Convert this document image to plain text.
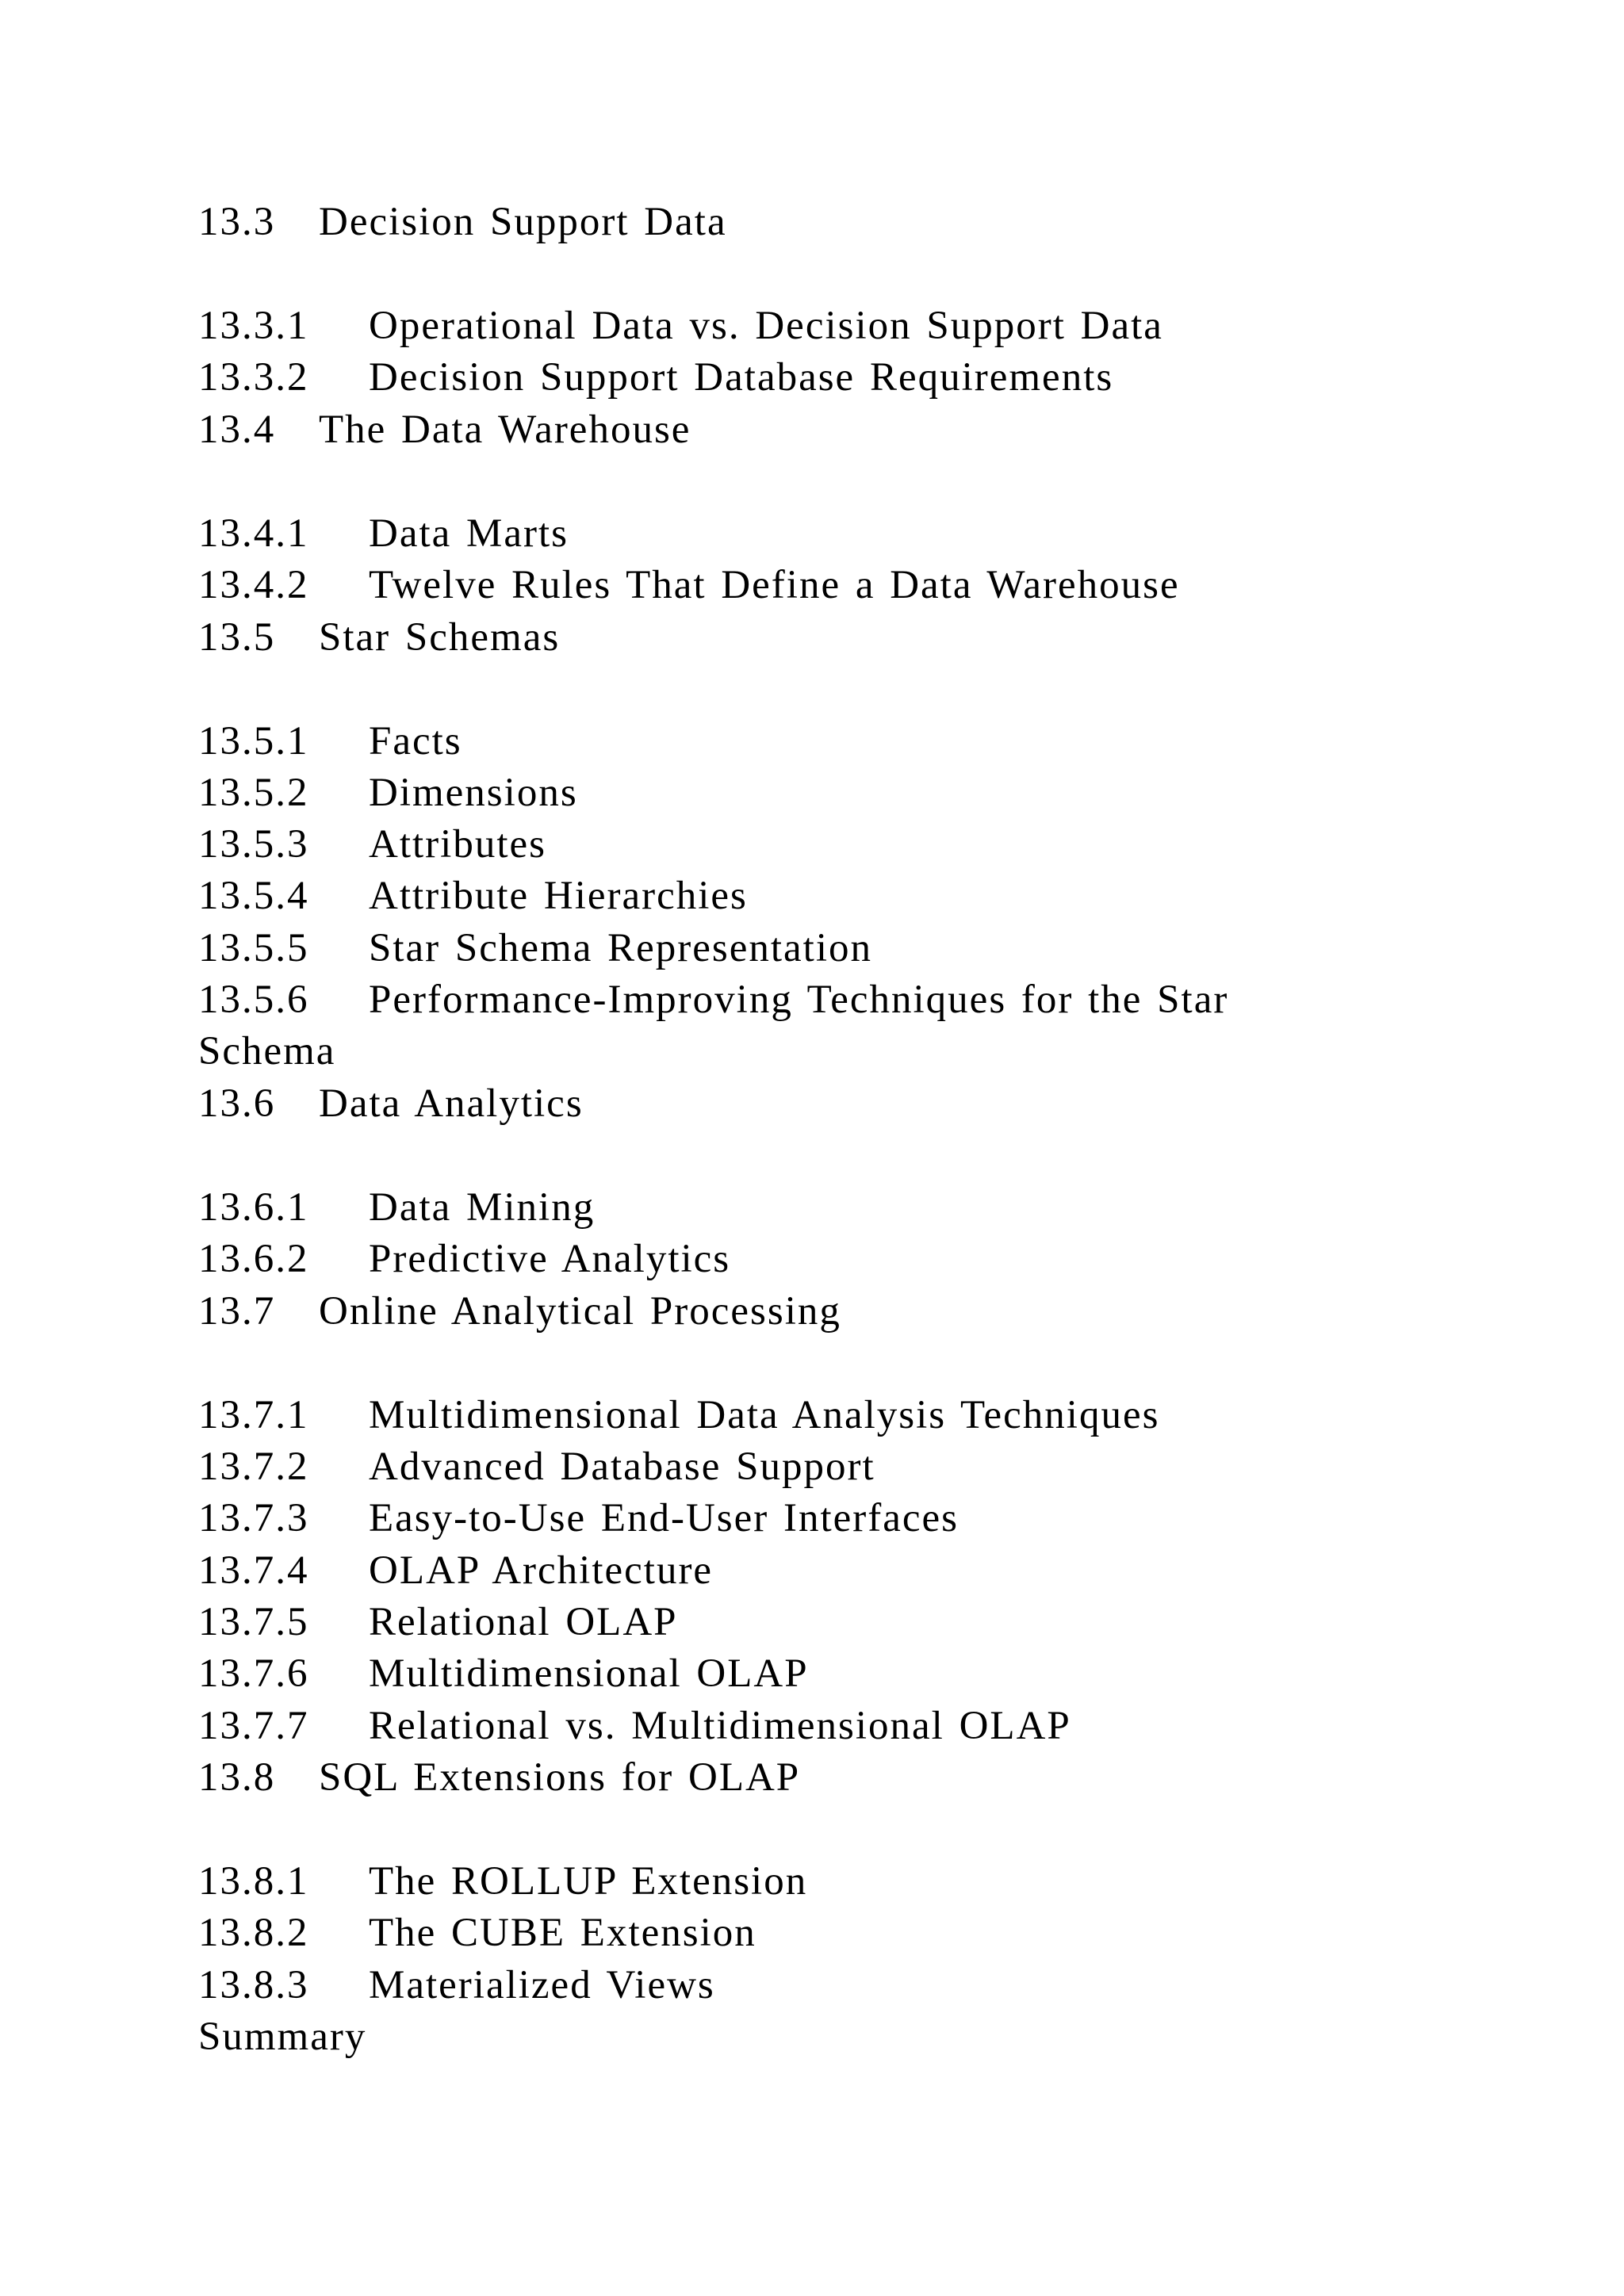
13.3 Decision Support Data
13.3.1 Operational Data vs. Decision Support Data
13.3.2 Decision Support Database Requirements
13.4 The Data Warehouse
13.4.1 Data Marts
13.4.2 Twelve Rules That Define a Data Warehouse
13.5 Star Schemas
13.5.1 Facts
13.5.2 Dimensions
13.5.3 Attributes
13.5.4 Attribute Hierarchies
13.5.5 Star Schema Representation
13.5.6 Performance-Improving Techniques for the Star
Schema
13.6 Data Analytics
13.6.1 Data Mining
13.6.2 Predictive Analytics
13.7 Online Analytical Processing
13.7.1 Multidimensional Data Analysis Techniques
13.7.2 Advanced Database Support
13.7.3 Easy-to-Use End-User Interfaces
13.7.4 OLAP Architecture
13.7.5 Relational OLAP
13.7.6 Multidimensional OLAP
13.7.7 Relational vs. Multidimensional OLAP
13.8 SQL Extensions for OLAP
13.8.1 The ROLLUP Extension
13.8.2 The CUBE Extension
13.8.3 Materialized Views
Summary
